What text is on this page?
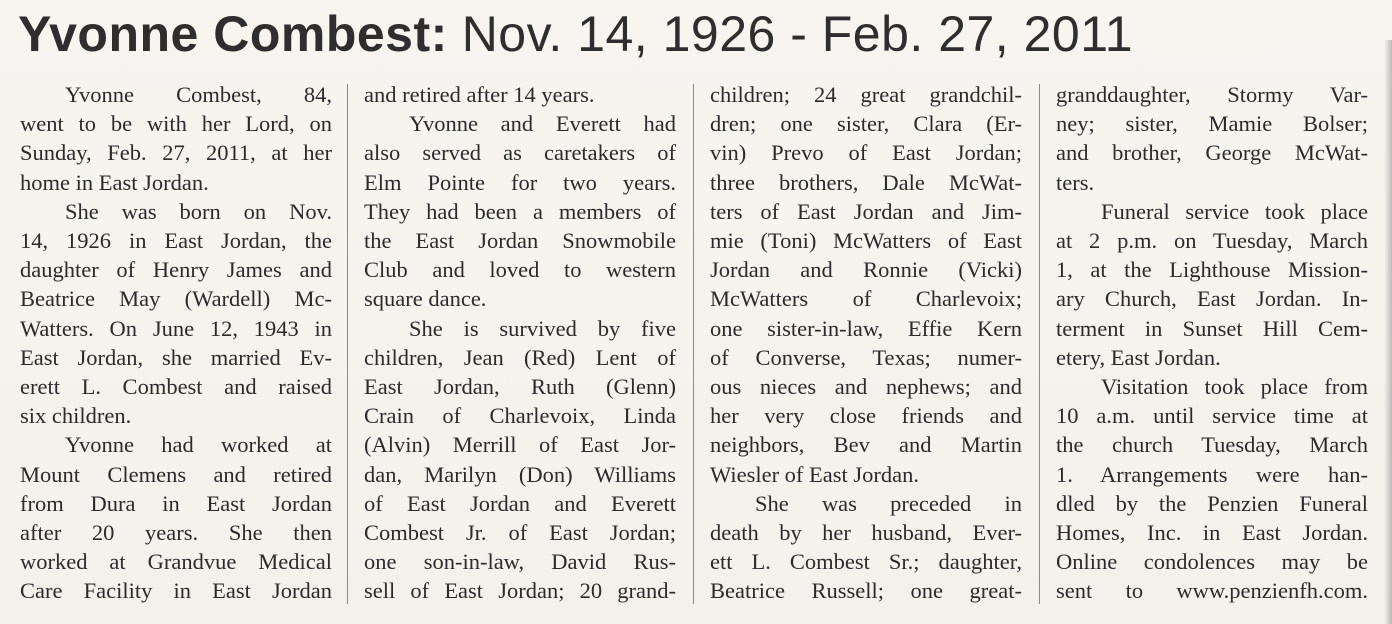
Yvonne Combest: Nov. 14, 1926 - Feb. 27, 2011
Yvonne Combest, 84,
went to be with her Lord, on
Sunday, Feb. 27, 2011, at her
home in East Jordan.
She was born on Nov.
14, 1926 in East Jordan, the
daughter of Henry James and
Beatrice May (Wardell) Mc-
Watters. On June 12, 1943 in
East Jordan, she married Ev-
erett L. Combest and raised
six children.
Yvonne had worked at
Mount Clemens and retired
from Dura in East Jordan
after 20 years. She then
worked at Grandvue Medical
Care Facility in East Jordan
and retired after 14 years.
Yvonne and Everett had
also served as caretakers of
Elm Pointe for two years.
They had been a members of
the East Jordan Snowmobile
Club and loved to western
square dance.
She is survived by five
children, Jean (Red) Lent of
East Jordan, Ruth (Glenn)
Crain of Charlevoix, Linda
(Alvin) Merrill of East Jor-
dan, Marilyn (Don) Williams
of East Jordan and Everett
Combest Jr. of East Jordan;
one son-in-law, David Rus-
sell of East Jordan; 20 grand-
children; 24 great grandchil-
dren; one sister, Clara (Er-
vin) Prevo of East Jordan;
three brothers, Dale McWat-
ters of East Jordan and Jim-
mie (Toni) McWatters of East
Jordan and Ronnie (Vicki)
McWatters of Charlevoix;
one sister-in-law, Effie Kern
of Converse, Texas; numer-
ous nieces and nephews; and
her very close friends and
neighbors, Bev and Martin
Wiesler of East Jordan.
She was preceded in
death by her husband, Ever-
ett L. Combest Sr.; daughter,
Beatrice Russell; one great-
granddaughter, Stormy Var-
ney; sister, Mamie Bolser;
and brother, George McWat-
ters.
Funeral service took place
at 2 p.m. on Tuesday, March
1, at the Lighthouse Mission-
ary Church, East Jordan. In-
terment in Sunset Hill Cem-
etery, East Jordan.
Visitation took place from
10 a.m. until service time at
the church Tuesday, March
1. Arrangements were han-
dled by the Penzien Funeral
Homes, Inc. in East Jordan.
Online condolences may be
sent to www.penzienfh.com.
